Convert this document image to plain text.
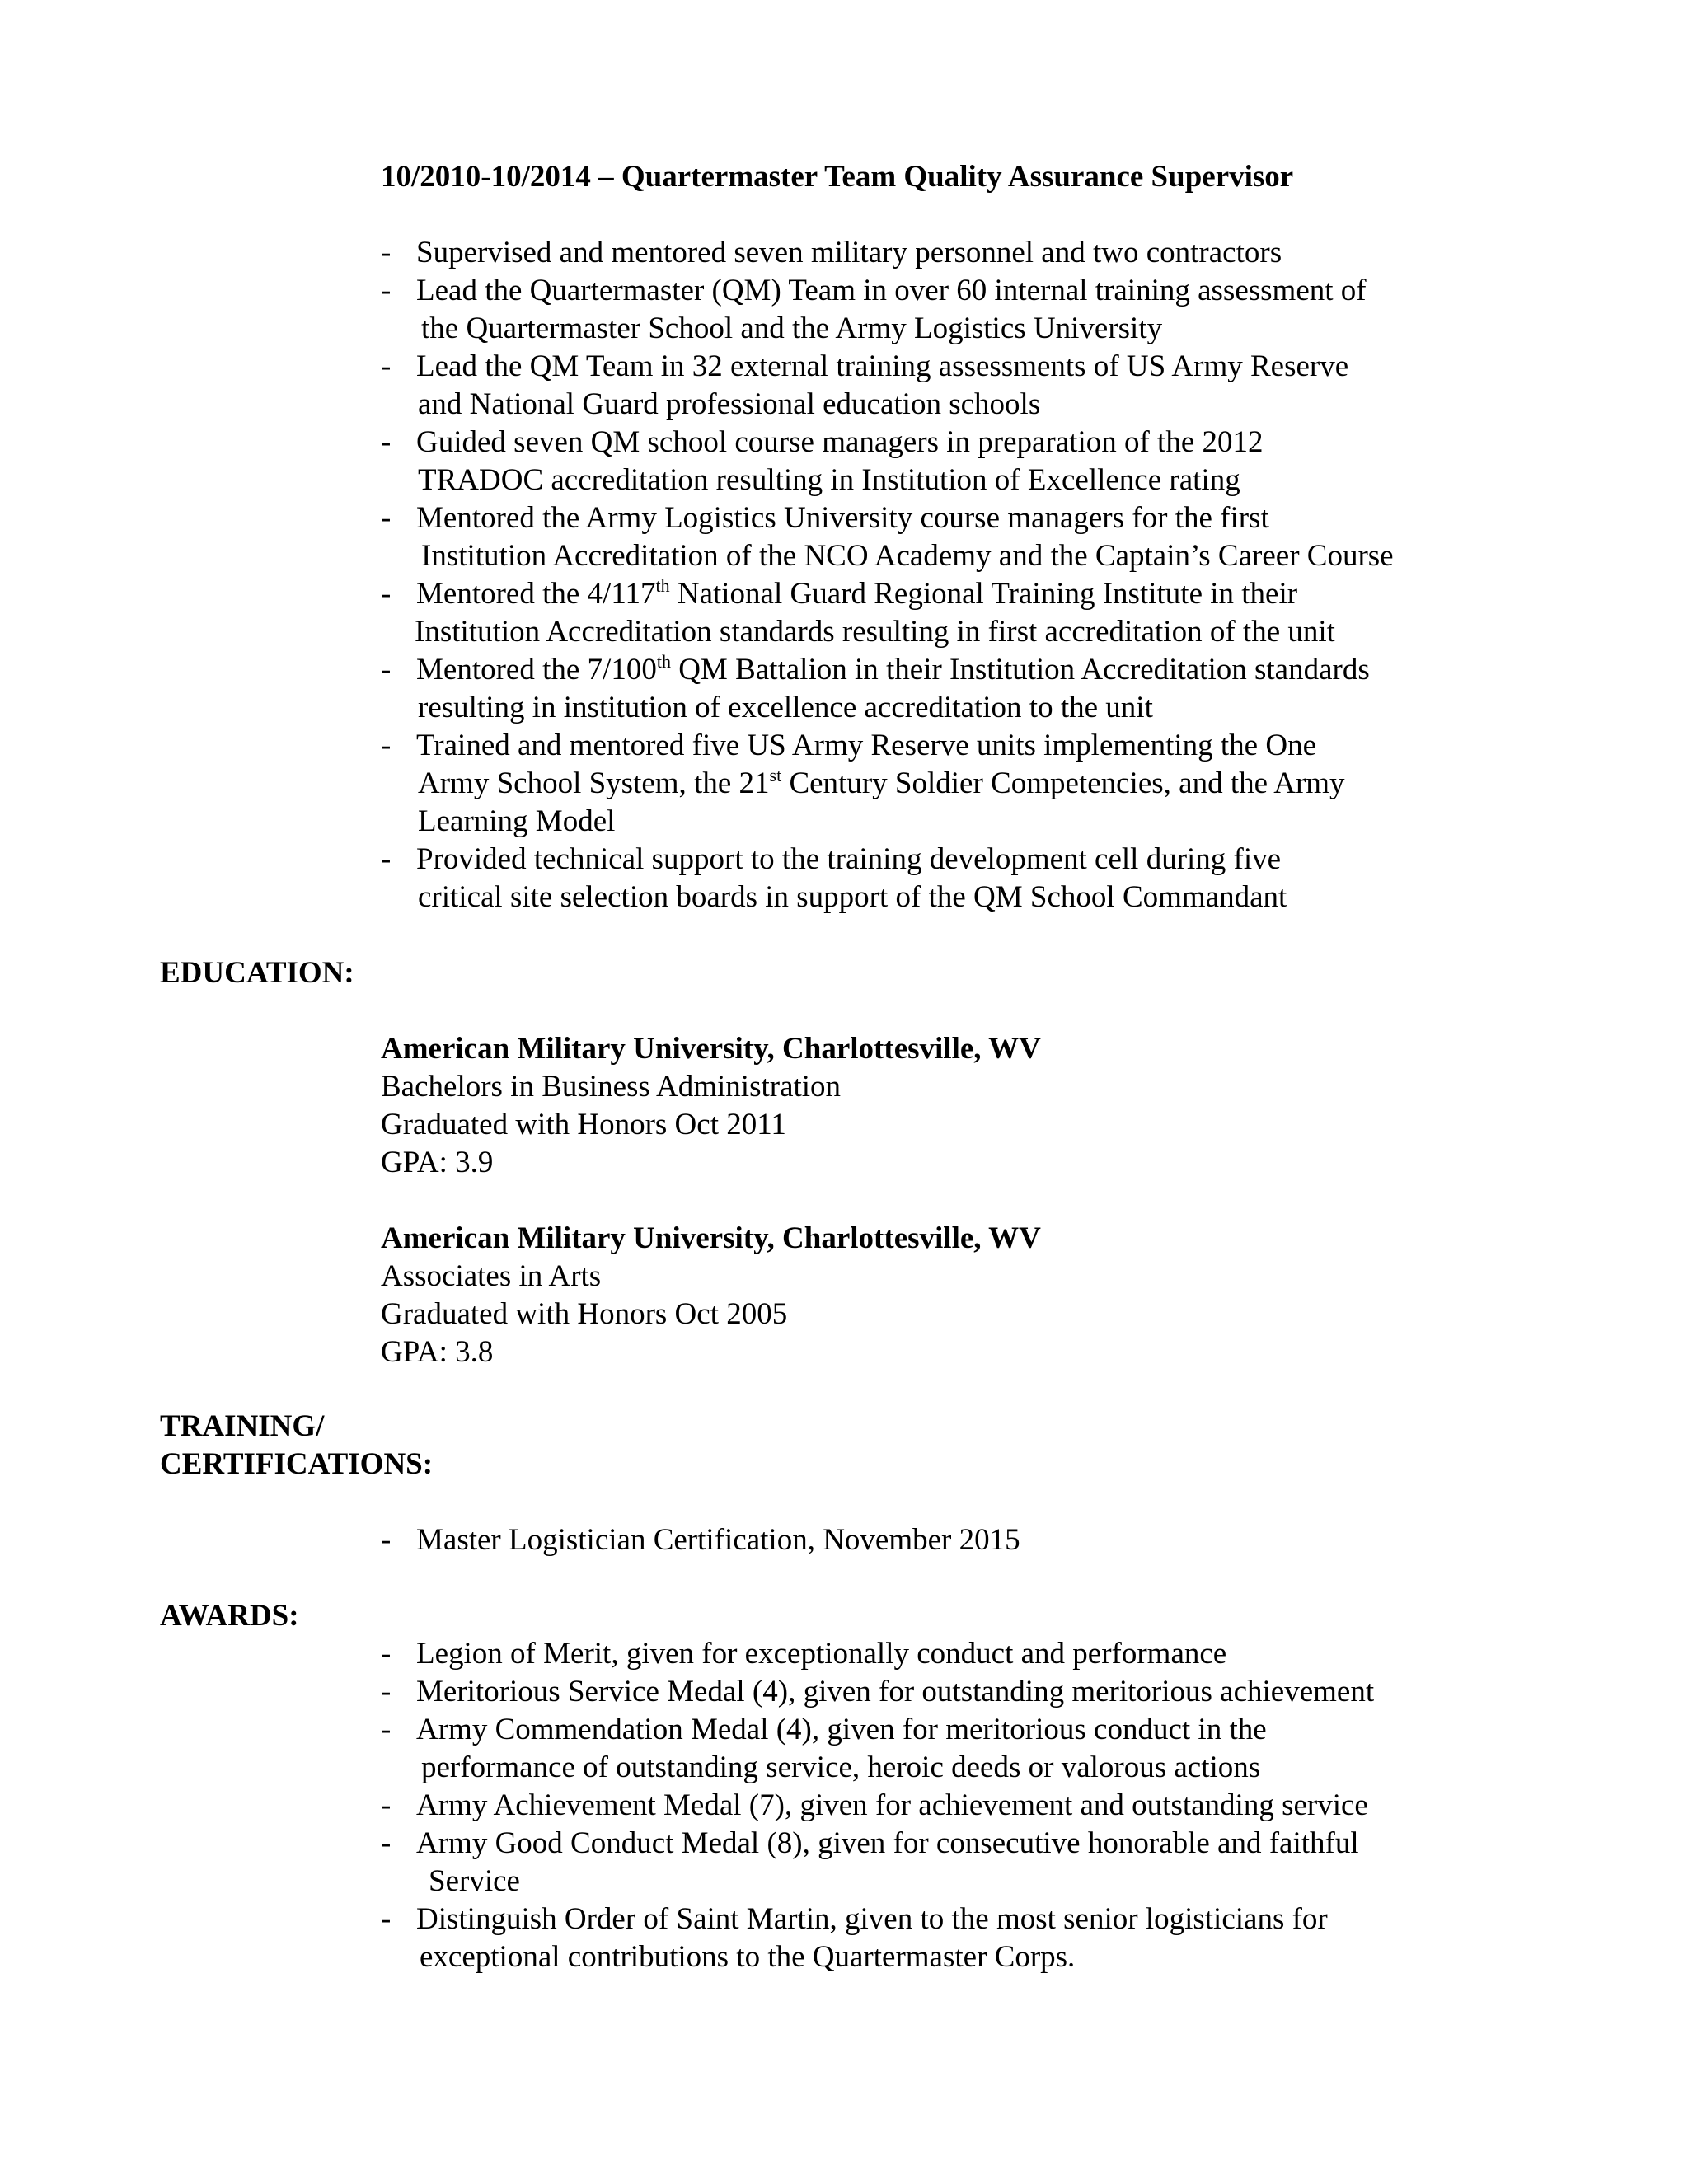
10/2010-10/2014 – Quartermaster Team Quality Assurance Supervisor
- Supervised and mentored seven military personnel and two contractors
- Lead the Quartermaster (QM) Team in over 60 internal training assessment of
the Quartermaster School and the Army Logistics University
- Lead the QM Team in 32 external training assessments of US Army Reserve
and National Guard professional education schools
- Guided seven QM school course managers in preparation of the 2012
TRADOC accreditation resulting in Institution of Excellence rating
- Mentored the Army Logistics University course managers for the first
Institution Accreditation of the NCO Academy and the Captain’s Career Course
- Mentored the 4/117th National Guard Regional Training Institute in their
Institution Accreditation standards resulting in first accreditation of the unit
- Mentored the 7/100th QM Battalion in their Institution Accreditation standards
resulting in institution of excellence accreditation to the unit
- Trained and mentored five US Army Reserve units implementing the One
Army School System, the 21st Century Soldier Competencies, and the Army
Learning Model
- Provided technical support to the training development cell during five
critical site selection boards in support of the QM School Commandant
EDUCATION:
American Military University, Charlottesville, WV
Bachelors in Business Administration
Graduated with Honors Oct 2011
GPA: 3.9
American Military University, Charlottesville, WV
Associates in Arts
Graduated with Honors Oct 2005
GPA: 3.8
TRAINING/
CERTIFICATIONS:
- Master Logistician Certification, November 2015
AWARDS:
- Legion of Merit, given for exceptionally conduct and performance
- Meritorious Service Medal (4), given for outstanding meritorious achievement
- Army Commendation Medal (4), given for meritorious conduct in the
performance of outstanding service, heroic deeds or valorous actions
- Army Achievement Medal (7), given for achievement and outstanding service
- Army Good Conduct Medal (8), given for consecutive honorable and faithful
Service
- Distinguish Order of Saint Martin, given to the most senior logisticians for
exceptional contributions to the Quartermaster Corps.
